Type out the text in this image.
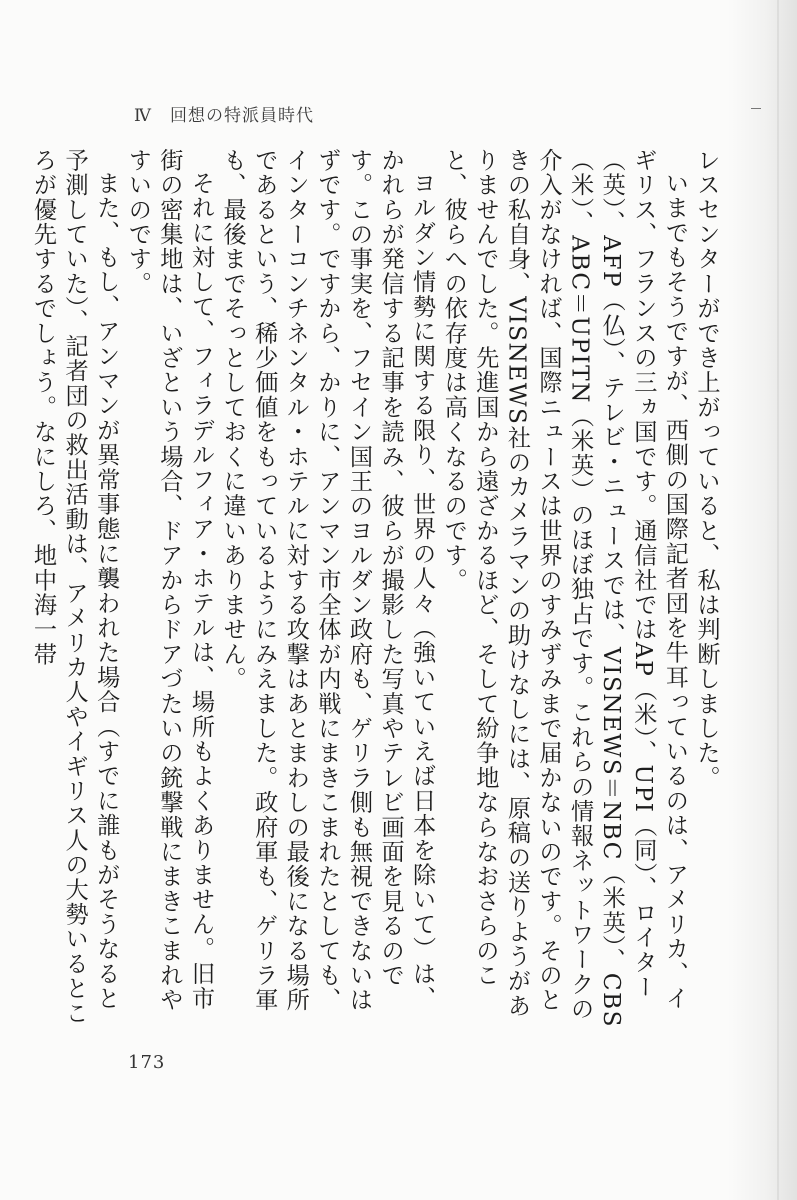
Ⅳ　回想の特派員時代

レスセンターができ上がっていると、私は判断しました。

いまでもそうですが、西側の国際記者団を牛耳っているのは、アメリカ、イギリス、フランスの三ヵ国です。通信社ではAP（米）、UPI（同）、ロイター（英）、AFP（仏）、テレビ・ニュースでは、VISNEWS＝NBC（米英）、CBS（米）、ABC＝UPITN（米英）のほぼ独占です。これらの情報ネットワークの介入がなければ、国際ニュースは世界のすみずみまで届かないのです。そのときの私自身、VISNEWS社のカメラマンの助けなしには、原稿の送りようがありませんでした。先進国から遠ざかるほど、そして紛争地ならなおさらのこと、彼らへの依存度は高くなるのです。

ヨルダン情勢に関する限り、世界の人々（強いていえば日本を除いて）は、かれらが発信する記事を読み、彼らが撮影した写真やテレビ画面を見るのです。この事実を、フセイン国王のヨルダン政府も、ゲリラ側も無視できないはずです。ですから、かりに、アンマン市全体が内戦にまきこまれたとしても、インターコンチネンタル・ホテルに対する攻撃はあとまわしの最後になる場所であるという、稀少価値をもっているようにみえました。政府軍も、ゲリラ軍も、最後までそっとしておくに違いありません。

それに対して、フィラデルフィア・ホテルは、場所もよくありません。旧市街の密集地は、いざという場合、ドアからドアづたいの銃撃戦にまきこまれやすいのです。

また、もし、アンマンが異常事態に襲われた場合（すでに誰もがそうなると予測していた）、記者団の救出活動は、アメリカ人やイギリス人の大勢いるところが優先するでしょう。なにしろ、地中海一帯

173
